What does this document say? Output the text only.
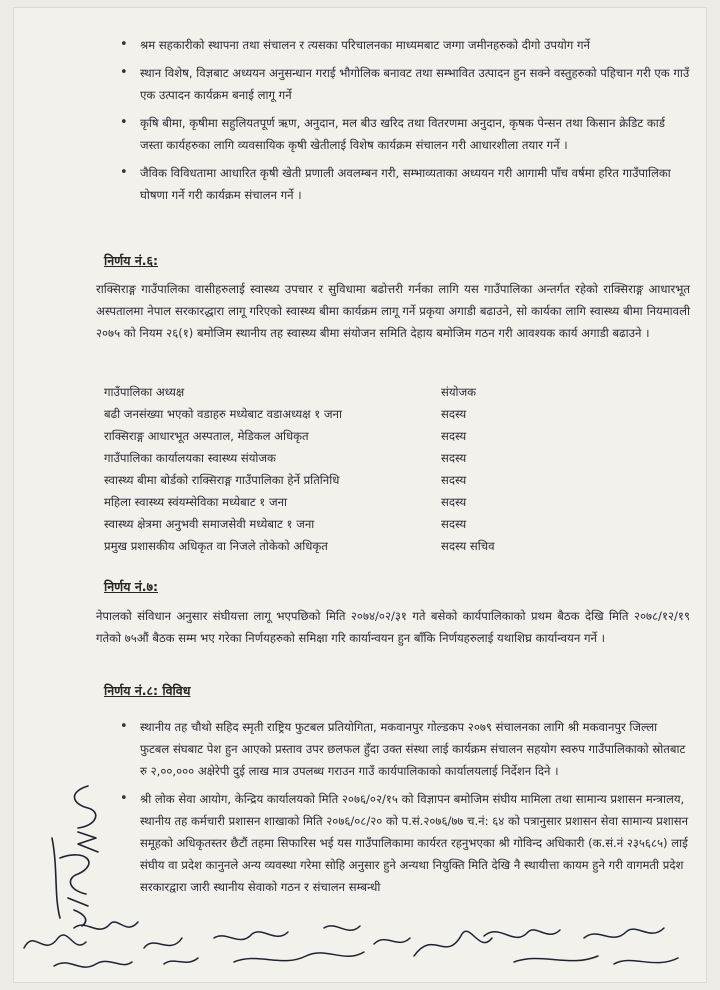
• श्रम सहकारीको स्थापना तथा संचालन र त्यसका परिचालनका माध्यमबाट जग्गा जमीनहरुको दीगो उपयोग गर्ने
• स्थान विशेष, विज्ञबाट अध्ययन अनुसन्धान गराई भौगोलिक बनावट तथा सम्भावित उत्पादन हुन सक्ने वस्तुहरुको पहिचान गरी एक गाउँ एक उत्पादन कार्यक्रम बनाई लागू गर्ने
• कृषि बीमा, कृषीमा सहुलियतपूर्ण ऋण, अनुदान, मल बीउ खरिद तथा वितरणमा अनुदान, कृषक पेन्सन तथा किसान क्रेडिट कार्ड जस्ता कार्यहरुका लागि व्यवसायिक कृषी खेतीलाई विशेष कार्यक्रम संचालन गरी आधारशीला तयार गर्ने ।
• जैविक विविधतामा आधारित कृषी खेती प्रणाली अवलम्बन गरी, सम्भाव्यताका अध्ययन गरी आगामी पाँच वर्षमा हरित गाउँपालिका घोषणा गर्ने गरी कार्यक्रम संचालन गर्ने ।
निर्णय नं.६:
राक्सिराङ्ग गाउँपालिका वासीहरुलाई स्वास्थ्य उपचार र सुविधामा बढोत्तरी गर्नका लागि यस गाउँपालिका अन्तर्गत रहेको राक्सिराङ्ग आधारभूत अस्पतालमा नेपाल सरकारद्धारा लागू गरिएको स्वास्थ्य बीमा कार्यक्रम लागू गर्ने प्रकृया अगाडी बढाउने, सो कार्यका लागि स्वास्थ्य बीमा नियमावली २०७५ को नियम २६(१) बमोजिम स्थानीय तह स्वास्थ्य बीमा संयोजन समिति देहाय बमोजिम गठन गरी आवश्यक कार्य अगाडी बढाउने ।
गाउँपालिका अध्यक्ष	संयोजक
बढी जनसंख्या भएको वडाहरु मध्येबाट वडाअध्यक्ष १ जना	सदस्य
राक्सिराङ्ग आधारभूत अस्पताल, मेडिकल अधिकृत	सदस्य
गाउँपालिका कार्यालयका स्वास्थ्य संयोजक	सदस्य
स्वास्थ्य बीमा बोर्डको राक्सिराङ्ग गाउँपालिका हेर्ने प्रतिनिधि	सदस्य
महिला स्वास्थ्य स्वंयम्सेविका मध्येबाट १ जना	सदस्य
स्वास्थ्य क्षेत्रमा अनुभवी समाजसेवी मध्येबाट १ जना	सदस्य
प्रमुख प्रशासकीय अधिकृत वा निजले तोकेको अधिकृत	सदस्य सचिव
निर्णय नं.७:
नेपालको संविधान अनुसार संघीयत्ता लागू भएपछिको मिति २०७४/०२/३१ गते बसेको कार्यपालिकाको प्रथम बैठक देखि मिति २०७८/१२/१९ गतेको ७५औं बैठक सम्म भए गरेका निर्णयहरुको समिक्षा गरि कार्यान्वयन हुन बाँकि निर्णयहरुलाई यथाशिघ्र कार्यान्वयन गर्ने ।
निर्णय नं.८: विविध
• स्थानीय तह चौथो सहिद स्मृती राष्ट्रिय फुटबल प्रतियोगिता, मकवानपुर गोल्डकप २०७९ संचालनका लागि श्री मकवानपुर जिल्ला फुटबल संघबाट पेश हुन आएको प्रस्ताव उपर छलफल हुँदा उक्त संस्था लाई कार्यक्रम संचालन सहयोग स्वरुप गाउँपालिकाको स्रोतबाट रु २,००,००० अक्षेरेपी दुई लाख मात्र उपलब्ध गराउन गाउँ कार्यपालिकाको कार्यालयलाई निर्देशन दिने ।
• श्री लोक सेवा आयोग, केन्द्रिय कार्यालयको मिति २०७६/०२/१५ को विज्ञापन बमोजिम संघीय मामिला तथा सामान्य प्रशासन मन्त्रालय, स्थानीय तह कर्मचारी प्रशासन शाखाको मिति २०७६/०८/२० को प.सं.२०७६/७७ च.नं: ६४ को पत्रानुसार प्रशासन सेवा सामान्य प्रशासन समूहको अधिकृतस्तर छैटौं तहमा सिफारिस भई यस गाउँपालिकामा कार्यरत रहनुभएका श्री गोविन्द अधिकारी (क.सं.नं २३५६८५) लाई संघीय वा प्रदेश कानुनले अन्य व्यवस्था गरेमा सोहि अनुसार हुने अन्यथा नियुक्ति मिति देखि नै स्थायीत्ता कायम हुने गरी वागमती प्रदेश सरकारद्वारा जारी स्थानीय सेवाको गठन र संचालन सम्बन्धी
